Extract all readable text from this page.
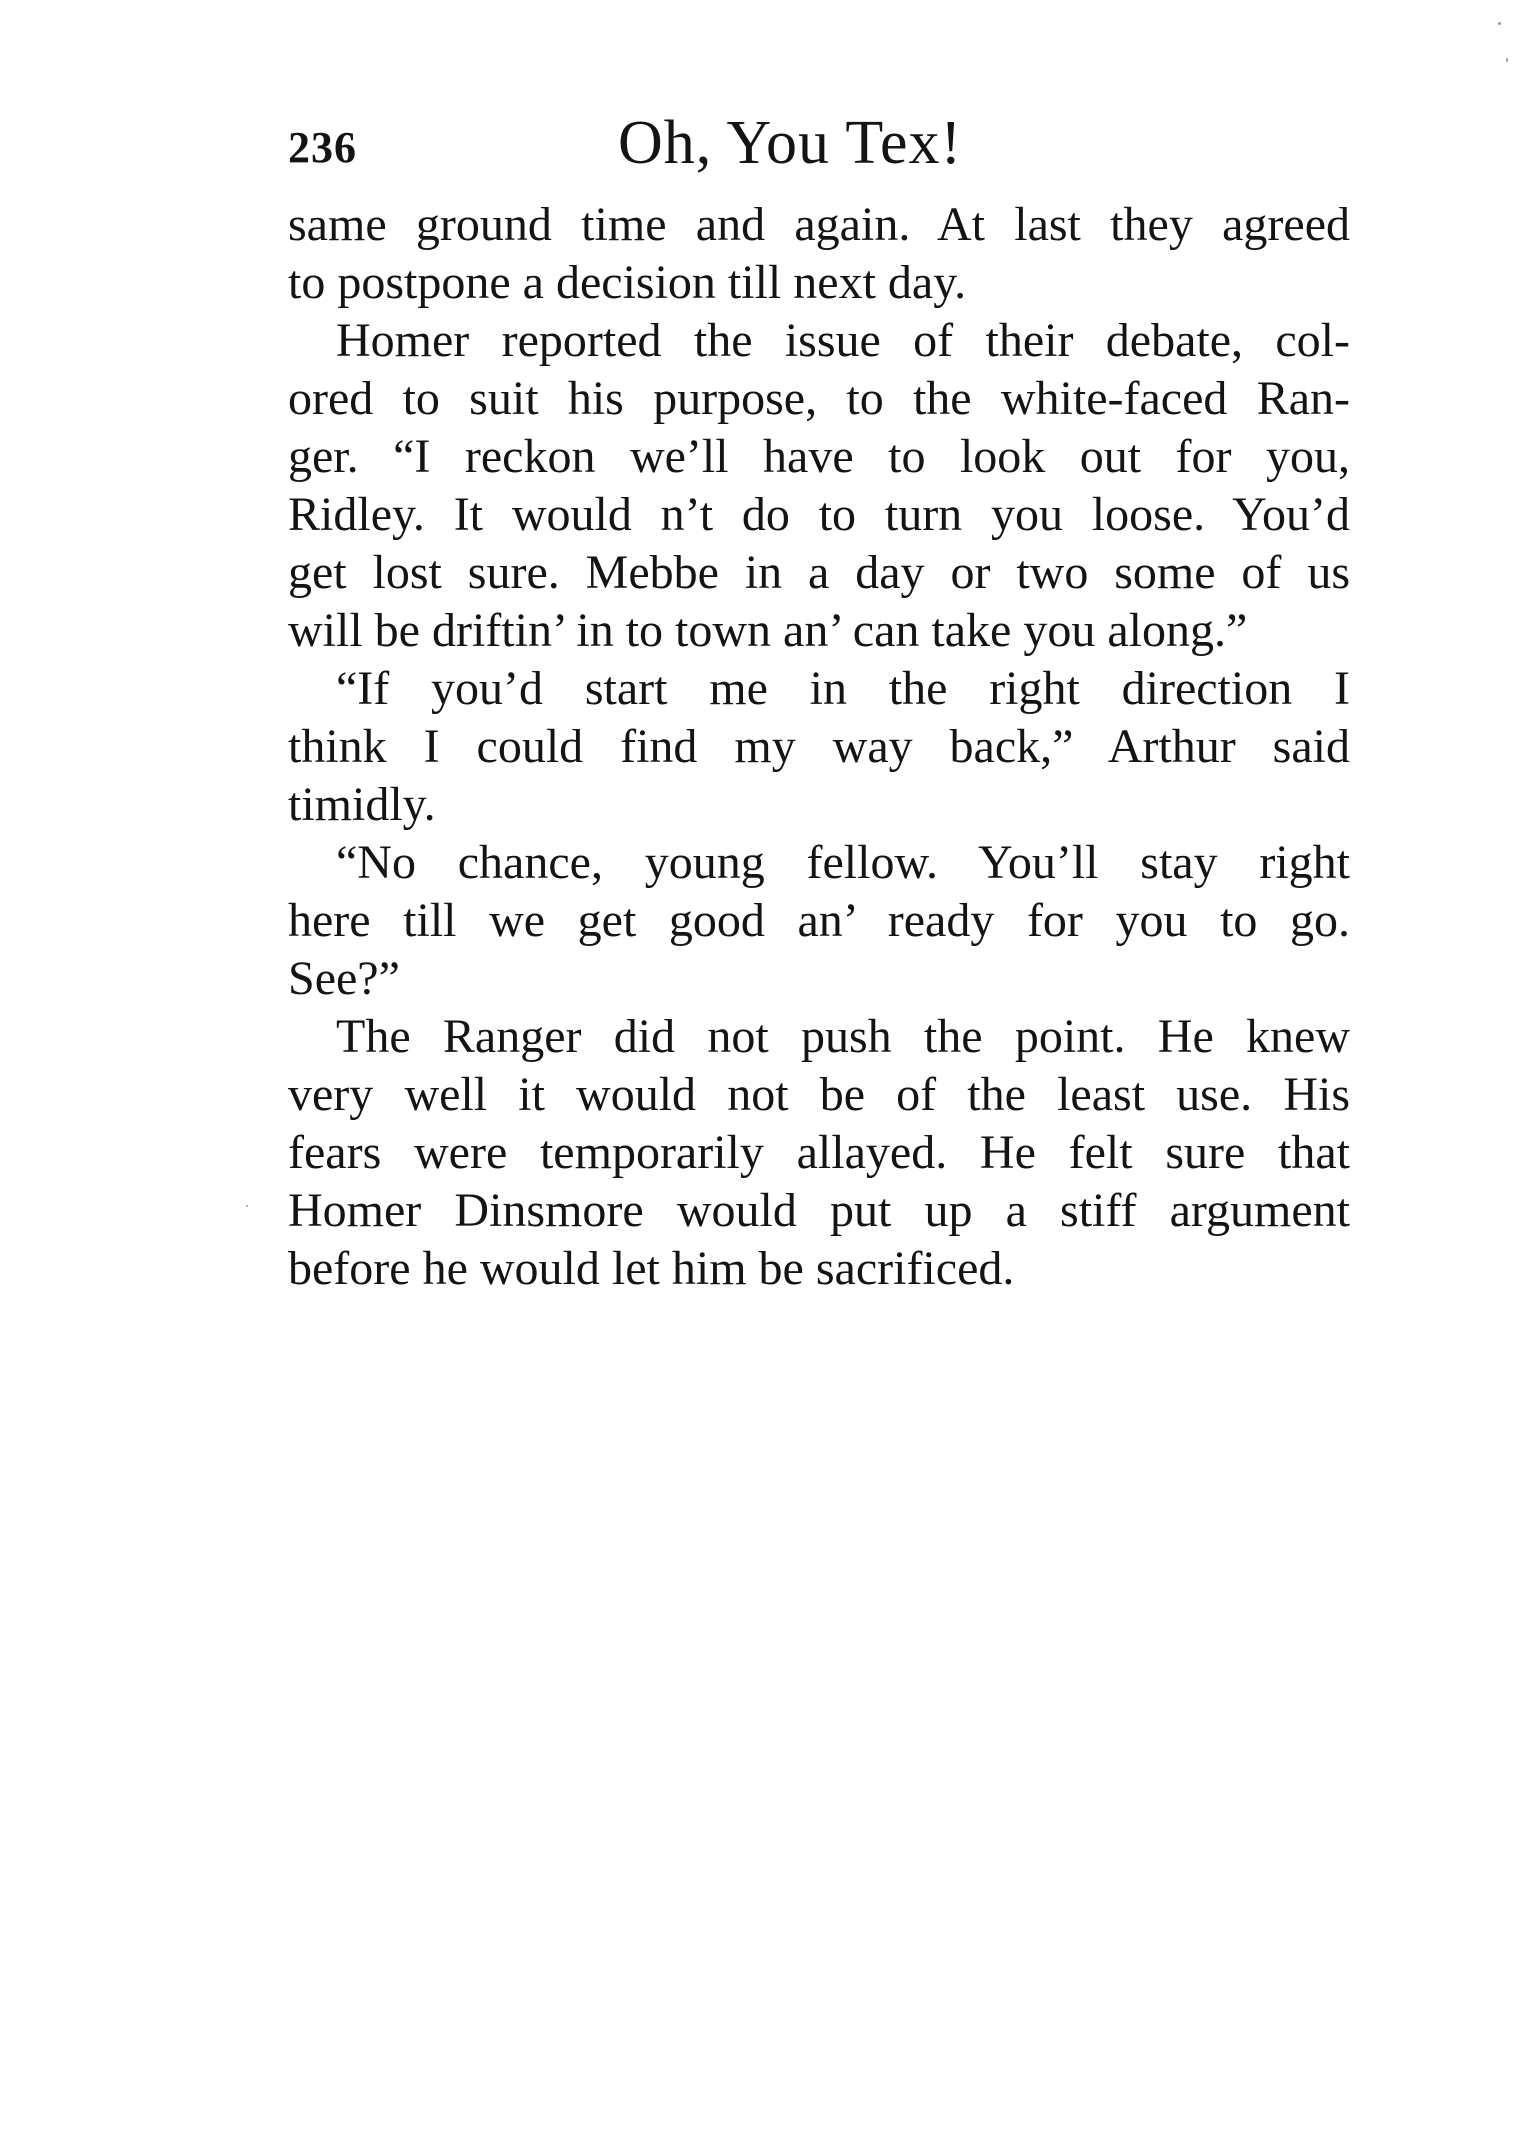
236	Oh, You Tex!
same ground time and again. At last they agreed
to postpone a decision till next day.
Homer reported the issue of their debate, col-
ored to suit his purpose, to the white-faced Ran-
ger. “I reckon we’ll have to look out for you,
Ridley. It would n’t do to turn you loose. You’d
get lost sure. Mebbe in a day or two some of us
will be driftin’ in to town an’ can take you along.”
“If you’d start me in the right direction I
think I could find my way back,” Arthur said
timidly.
“No chance, young fellow. You’ll stay right
here till we get good an’ ready for you to go.
See?”
The Ranger did not push the point. He knew
very well it would not be of the least use. His
fears were temporarily allayed. He felt sure that
Homer Dinsmore would put up a stiff argument
before he would let him be sacrificed.
